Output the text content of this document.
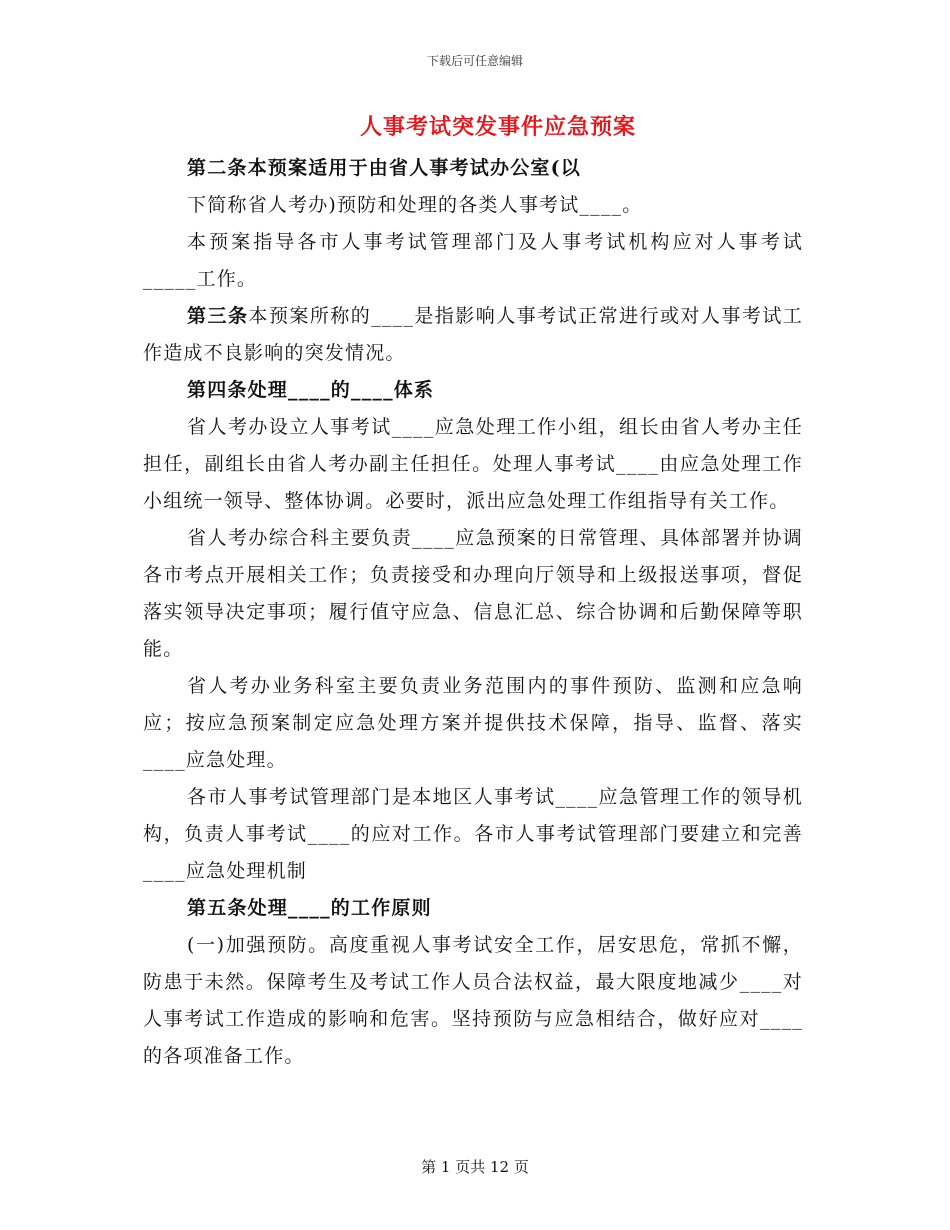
下载后可任意编辑
人事考试突发事件应急预案

第二条本预案适用于由省人事考试办公室(以

下简称省人考办)预防和处理的各类人事考试____。

本预案指导各市人事考试管理部门及人事考试机构应对人事考试_____工作。

第三条本预案所称的____是指影响人事考试正常进行或对人事考试工作造成不良影响的突发情况。

第四条处理____的____体系

省人考办设立人事考试____应急处理工作小组，组长由省人考办主任担任，副组长由省人考办副主任担任。处理人事考试____由应急处理工作小组统一领导、整体协调。必要时，派出应急处理工作组指导有关工作。

省人考办综合科主要负责____应急预案的日常管理、具体部署并协调各市考点开展相关工作；负责接受和办理向厅领导和上级报送事项，督促落实领导决定事项；履行值守应急、信息汇总、综合协调和后勤保障等职能。

省人考办业务科室主要负责业务范围内的事件预防、监测和应急响应；按应急预案制定应急处理方案并提供技术保障，指导、监督、落实____应急处理。

各市人事考试管理部门是本地区人事考试____应急管理工作的领导机构，负责人事考试____的应对工作。各市人事考试管理部门要建立和完善____应急处理机制

第五条处理____的工作原则

(一)加强预防。高度重视人事考试安全工作，居安思危，常抓不懈，防患于未然。保障考生及考试工作人员合法权益，最大限度地减少____对人事考试工作造成的影响和危害。坚持预防与应急相结合，做好应对____的各项准备工作。

第 1 页共 12 页
